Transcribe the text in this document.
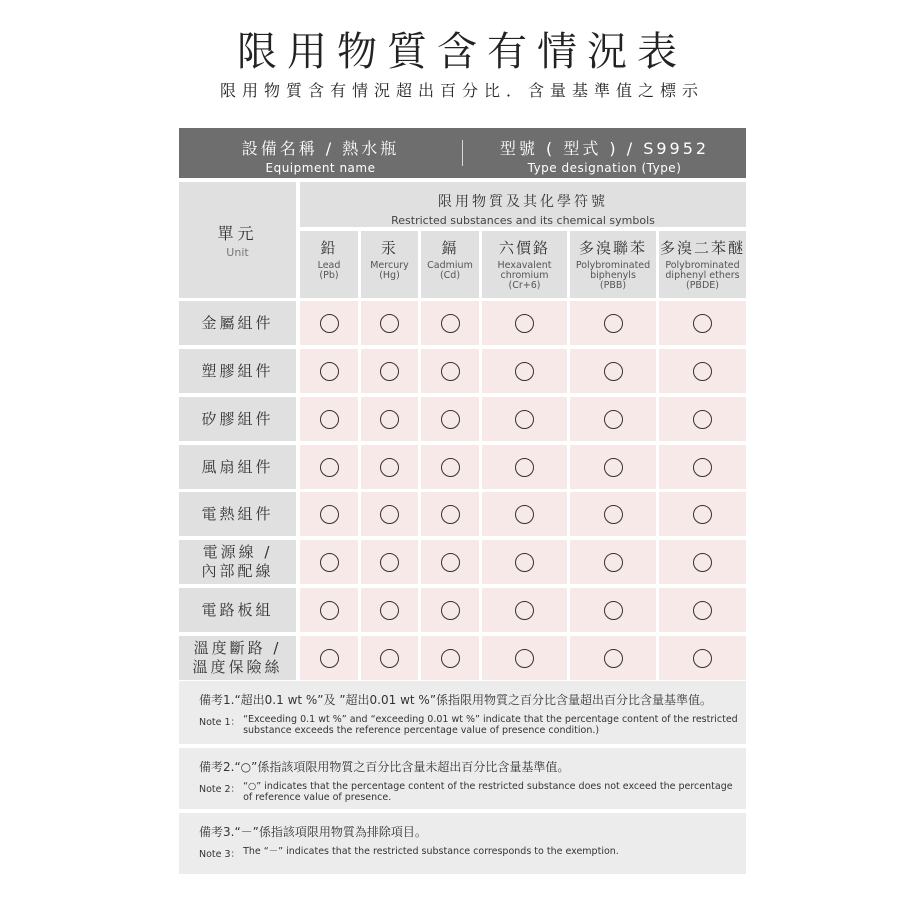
限用物質含有情況表
限用物質含有情況超出百分比．含量基準值之標示
設備名稱 / 熱水瓶
Equipment name
型號 ( 型式 ) / S9952
Type designation (Type)
單元
Unit
限用物質及其化學符號
Restricted substances and its chemical symbols
鉛
Lead
(Pb)
汞
Mercury
(Hg)
鎘
Cadmium
(Cd)
六價鉻
Hexavalent
chromium
(Cr+6)
多溴聯苯
Polybrominated
biphenyls
(PBB)
多溴二苯醚
Polybrominated
diphenyl ethers
(PBDE)
金屬組件
塑膠組件
矽膠組件
風扇組件
電熱組件
電源線 /
內部配線
電路板組
溫度斷路 /
溫度保險絲
備考1.“超出0.1 wt %”及 ”超出0.01 wt %”係指限用物質之百分比含量超出百分比含量基準值。
Note 1： “Exceeding 0.1 wt %” and “exceeding 0.01 wt %” indicate that the percentage content of the restricted substance exceeds the reference percentage value of presence condition.)
備考2.“○”係指該項限用物質之百分比含量未超出百分比含量基準值。
Note 2： “○” indicates that the percentage content of the restricted substance does not exceed the percentage of reference value of presence.
備考3.“－”係指該項限用物質為排除項目。
Note 3： The “－” indicates that the restricted substance corresponds to the exemption.
